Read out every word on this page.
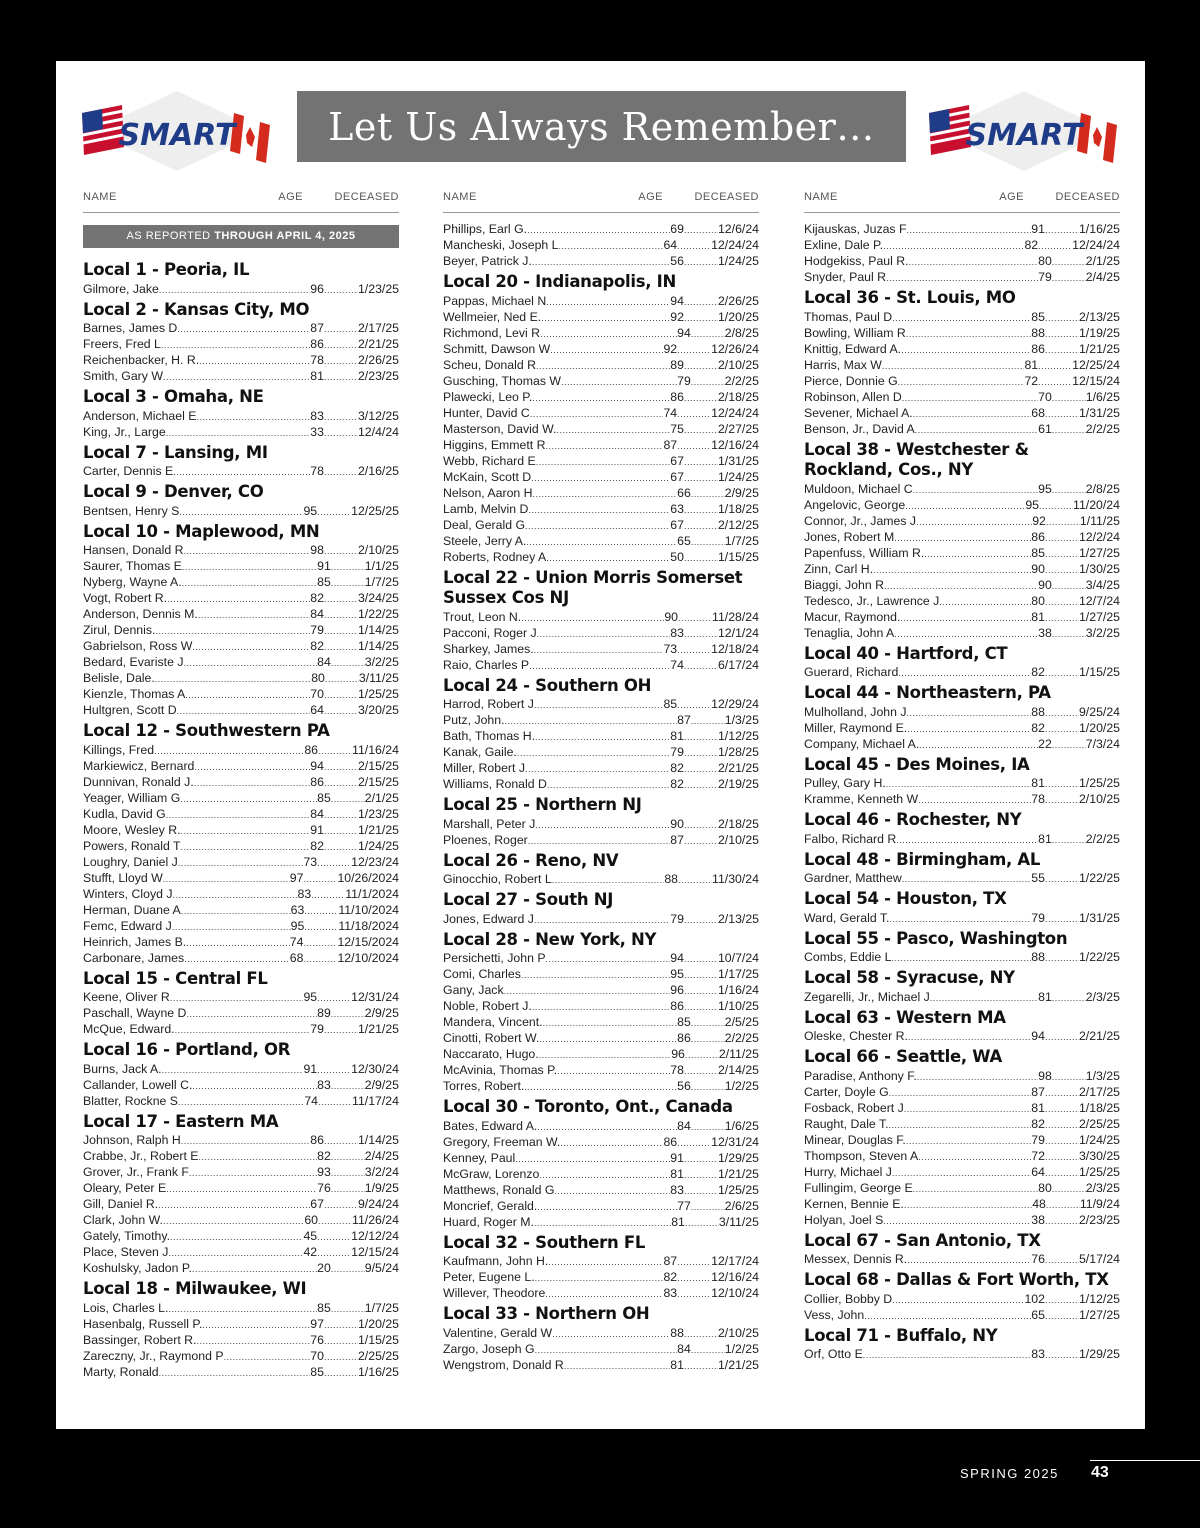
SMART Let Us Always Remember…	SMART
NAME	AGE	DECEASED	NAME	AGE	DECEASED	NAME	AGE	DECEASED
AS REPORTED THROUGH APRIL 4, 2025
Local 1 - Peoria, IL
Gilmore, Jake . . .	96 . . .	1/23/25
Local 2 - Kansas City, MO
Barnes, James D . . .	87 . . .	2/17/25
Freers, Fred L . . .	86 . . .	2/21/25
Reichenbacker, H. R. . . .	78 . . .	2/26/25
Smith, Gary W . . .	81 . . .	2/23/25
Local 3 - Omaha, NE
Anderson, Michael E . . .	83 . . .	3/12/25
King, Jr., Large . . .	33 . . .	12/4/24
Local 7 - Lansing, MI
Carter, Dennis E . . .	78 . . .	2/16/25
Local 9 - Denver, CO
Bentsen, Henry S . . .	95 . . .	12/25/25
Local 10 - Maplewood, MN
Hansen, Donald R . . .	98 . . .	2/10/25
Saurer, Thomas E . . .	91 . . .	1/1/25
Nyberg, Wayne A. . . .	85 . . .	1/7/25
Vogt, Robert R. . . .	82 . . .	3/24/25
Anderson, Dennis M. . . .	84 . . .	1/22/25
Zirul, Dennis. . . .	79 . . .	1/14/25
Gabrielson, Ross W . . .	82 . . .	1/14/25
Bedard, Evariste J . . .	84 . . .	3/2/25
Belisle, Dale. . . .	80 . . .	3/11/25
Kienzle, Thomas A . . .	70 . . .	1/25/25
Hultgren, Scott D . . .	64 . . .	3/20/25
Local 12 - Southwestern PA
Killings, Fred . . .	86 . . .	11/16/24
Markiewicz, Bernard . . .	94 . . .	2/15/25
Dunnivan, Ronald J. . . .	86 . . .	2/15/25
Yeager, William G . . .	85 . . .	2/1/25
Kudla, David G . . .	84 . . .	1/23/25
Moore, Wesley R. . . .	91 . . .	1/21/25
Powers, Ronald T . . .	82 . . .	1/24/25
Loughry, Daniel J . . .	73 . . .	12/23/24
Stufft, Lloyd W . . .	97 . . .	10/26/2024
Winters, Cloyd J . . .	83 . . .	11/1/2024
Herman, Duane A . . .	63 . . .	11/10/2024
Femc, Edward J . . .	95 . . .	11/18/2024
Heinrich, James B. . . .	74 . . .	12/15/2024
Carbonare, James . . .	68 . . .	12/10/2024
Local 15 - Central FL
Keene, Oliver R . . .	95 . . .	12/31/24
Paschall, Wayne D . . .	89 . . .	2/9/25
McQue, Edward. . . .	79 . . .	1/21/25
Local 16 - Portland, OR
Burns, Jack A. . . .	91 . . .	12/30/24
Callander, Lowell C. . . .	83 . . .	2/9/25
Blatter, Rockne S . . .	74 . . .	11/17/24
Local 17 - Eastern MA
Johnson, Ralph H . . .	86 . . .	1/14/25
Crabbe, Jr., Robert E . . .	82 . . .	2/4/25
Grover, Jr., Frank F . . .	93 . . .	3/2/24
Oleary, Peter E . . .	76 . . .	1/9/25
Gill, Daniel R. . . .	67 . . .	9/24/24
Clark, John W. . . .	60 . . .	11/26/24
Gately, Timothy. . . .	45 . . .	12/12/24
Place, Steven J . . .	42 . . .	12/15/24
Koshulsky, Jadon P. . . .	20 . . .	9/5/24
Local 18 - Milwaukee, WI
Lois, Charles L. . . .	85 . . .	1/7/25
Hasenbalg, Russell P. . . .	97 . . .	1/20/25
Bassinger, Robert R. . . .	76 . . .	1/15/25
Zareczny, Jr., Raymond P . . .	70 . . .	2/25/25
Marty, Ronald . . .	85 . . .	1/16/25
Phillips, Earl G. . . .	69 . . .	12/6/24
Mancheski, Joseph L . . .	64 . . .	12/24/24
Beyer, Patrick J. . . .	56 . . .	1/24/25
Local 20 - Indianapolis, IN
Pappas, Michael N . . .	94 . . .	2/26/25
Wellmeier, Ned E. . . .	92 . . .	1/20/25
Richmond, Levi R . . .	94 . . .	2/8/25
Schmitt, Dawson W . . .	92 . . .	12/26/24
Scheu, Donald R . . .	89 . . .	2/10/25
Gusching, Thomas W . . .	79 . . .	2/2/25
Plawecki, Leo P. . . .	86 . . .	2/18/25
Hunter, David C . . .	74 . . .	12/24/24
Masterson, David W. . . .	75 . . .	2/27/25
Higgins, Emmett R . . .	87 . . .	12/16/24
Webb, Richard E . . .	67 . . .	1/31/25
McKain, Scott D . . .	67 . . .	1/24/25
Nelson, Aaron H . . .	66 . . .	2/9/25
Lamb, Melvin D . . .	63 . . .	1/18/25
Deal, Gerald G . . .	67 . . .	2/12/25
Steele, Jerry A. . . .	65 . . .	1/7/25
Roberts, Rodney A . . .	50 . . .	1/15/25
Local 22 - Union Morris Somerset Sussex Cos NJ
Trout, Leon N. . . .	90 . . .	11/28/24
Pacconi, Roger J . . .	83 . . .	12/1/24
Sharkey, James. . . .	73 . . .	12/18/24
Raio, Charles P . . .	74 . . .	6/17/24
Local 24 - Southern OH
Harrod, Robert J . . .	85 . . .	12/29/24
Putz, John. . . .	87 . . .	1/3/25
Bath, Thomas H. . . .	81 . . .	1/12/25
Kanak, Gaile. . . .	79 . . .	1/28/25
Miller, Robert J . . .	82 . . .	2/21/25
Williams, Ronald D . . .	82 . . .	2/19/25
Local 25 - Northern NJ
Marshall, Peter J . . .	90 . . .	2/18/25
Ploenes, Roger . . .	87 . . .	2/10/25
Local 26 - Reno, NV
Ginocchio, Robert L . . .	88 . . .	11/30/24
Local 27 - South NJ
Jones, Edward J . . .	79 . . .	2/13/25
Local 28 - New York, NY
Persichetti, John P . . .	94 . . .	10/7/24
Comi, Charles . . .	95 . . .	1/17/25
Gany, Jack . . .	96 . . .	1/16/24
Noble, Robert J. . . .	86 . . .	1/10/25
Mandera, Vincent. . . .	85 . . .	2/5/25
Cinotti, Robert W. . . .	86 . . .	2/2/25
Naccarato, Hugo. . . .	96 . . .	2/11/25
McAvinia, Thomas P. . . .	78 . . .	2/14/25
Torres, Robert. . . .	56 . . .	1/2/25
Local 30 - Toronto, Ont., Canada
Bates, Edward A. . . .	84 . . .	1/6/25
Gregory, Freeman W. . . .	86 . . .	12/31/24
Kenney, Paul . . .	91 . . .	1/29/25
McGraw, Lorenzo . . .	81 . . .	1/21/25
Matthews, Ronald G . . .	83 . . .	1/25/25
Moncrief, Gerald. . . .	77 . . .	2/6/25
Huard, Roger M. . . .	81 . . .	3/11/25
Local 32 - Southern FL
Kaufmann, John H. . . .	87 . . .	12/17/24
Peter, Eugene L. . . .	82 . . .	12/16/24
Willever, Theodore . . .	83 . . .	12/10/24
Local 33 - Northern OH
Valentine, Gerald W . . .	88 . . .	2/10/25
Zargo, Joseph G . . .	84 . . .	1/2/25
Wengstrom, Donald R . . .	81 . . .	1/21/25
Kijauskas, Juzas F . . .	91 . . .	1/16/25
Exline, Dale P. . . .	82 . . .	12/24/24
Hodgekiss, Paul R. . . .	80 . . .	2/1/25
Snyder, Paul R . . .	79 . . .	2/4/25
Local 36 - St. Louis, MO
Thomas, Paul D . . .	85 . . .	2/13/25
Bowling, William R . . .	88 . . .	1/19/25
Knittig, Edward A. . . .	86 . . .	1/21/25
Harris, Max W . . .	81 . . .	12/25/24
Pierce, Donnie G . . .	72 . . .	12/15/24
Robinson, Allen D . . .	70 . . .	1/6/25
Sevener, Michael A. . . .	68 . . .	1/31/25
Benson, Jr., David A . . .	61 . . .	2/2/25
Local 38 - Westchester & Rockland, Cos., NY
Muldoon, Michael C . . .	95 . . .	2/8/25
Angelovic, George . . .	95 . . .	11/20/24
Connor, Jr., James J . . .	92 . . .	1/11/25
Jones, Robert M . . .	86 . . .	12/2/24
Papenfuss, William R. . . .	85 . . .	1/27/25
Zinn, Carl H. . . .	90 . . .	1/30/25
Biaggi, John R . . .	90 . . .	3/4/25
Tedesco, Jr., Lawrence J . . .	80 . . .	12/7/24
Macur, Raymond. . . .	81 . . .	1/27/25
Tenaglia, John A . . .	38 . . .	3/2/25
Local 40 - Hartford, CT
Guerard, Richard . . .	82 . . .	1/15/25
Local 44 - Northeastern, PA
Mulholland, John J . . .	88 . . .	9/25/24
Miller, Raymond E. . . .	82 . . .	1/20/25
Company, Michael A. . . .	22 . . .	7/3/24
Local 45 - Des Moines, IA
Pulley, Gary H. . . .	81 . . .	1/25/25
Kramme, Kenneth W . . .	78 . . .	2/10/25
Local 46 - Rochester, NY
Falbo, Richard R . . .	81 . . .	2/2/25
Local 48 - Birmingham, AL
Gardner, Matthew . . .	55 . . .	1/22/25
Local 54 - Houston, TX
Ward, Gerald T. . . .	79 . . .	1/31/25
Local 55 - Pasco, Washington
Combs, Eddie L . . .	88 . . .	1/22/25
Local 58 - Syracuse, NY
Zegarelli, Jr., Michael J . . .	81 . . .	2/3/25
Local 63 - Western MA
Oleske, Chester R. . . .	94 . . .	2/21/25
Local 66 - Seattle, WA
Paradise, Anthony F. . . .	98 . . .	1/3/25
Carter, Doyle G . . .	87 . . .	2/17/25
Fosback, Robert J . . .	81 . . .	1/18/25
Raught, Dale T. . . .	82 . . .	2/25/25
Minear, Douglas F. . . .	79 . . .	1/24/25
Thompson, Steven A . . .	72 . . .	3/30/25
Hurry, Michael J . . .	64 . . .	1/25/25
Fullingim, George E . . .	80 . . .	2/3/25
Kernen, Bennie E. . . .	48 . . .	11/9/24
Holyan, Joel S . . .	38 . . .	2/23/25
Local 67 - San Antonio, TX
Messex, Dennis R. . . .	76 . . .	5/17/24
Local 68 - Dallas & Fort Worth, TX
Collier, Bobby D . . .	102 . . .	1/12/25
Vess, John . . .	65 . . .	1/27/25
Local 71 - Buffalo, NY
Orf, Otto E . . .	83 . . .	1/29/25
SPRING 2025 43
